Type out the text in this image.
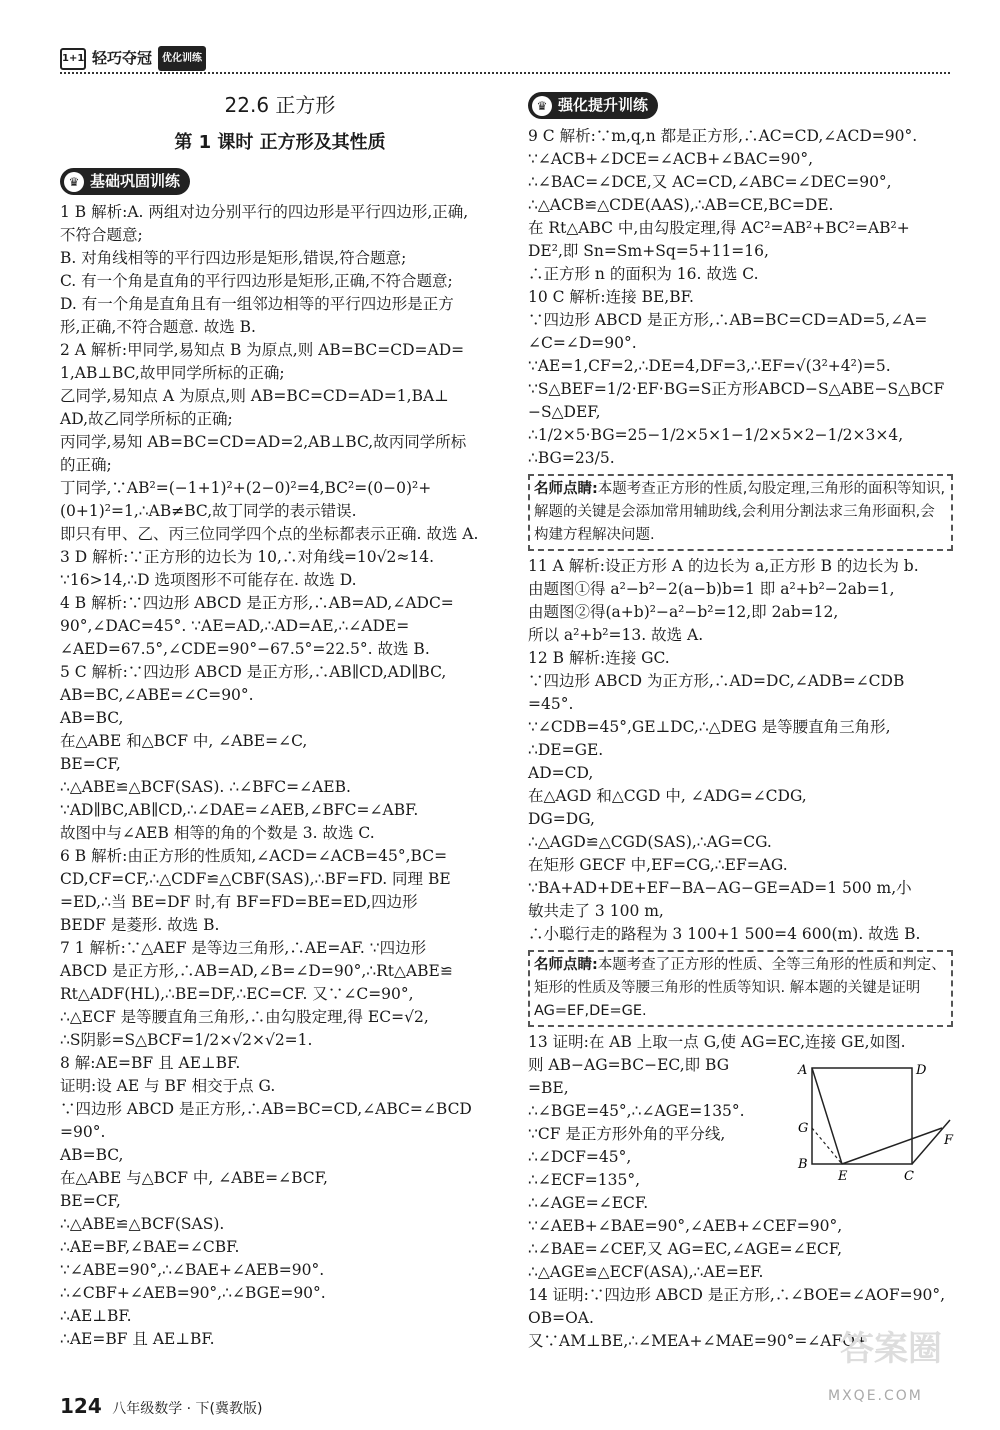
1+1 轻巧夺冠	优化训练
22.6 正方形
第 1 课时 正方形及其性质
♛ 基础巩固训练
1 B 解析:A. 两组对边分别平行的四边形是平行四边形,正确,
不符合题意;
B. 对角线相等的平行四边形是矩形,错误,符合题意;
C. 有一个角是直角的平行四边形是矩形,正确,不符合题意;
D. 有一个角是直角且有一组邻边相等的平行四边形是正方
形,正确,不符合题意. 故选 B.
2 A 解析:甲同学,易知点 B 为原点,则 AB=BC=CD=AD=
1,AB⊥BC,故甲同学所标的正确;
乙同学,易知点 A 为原点,则 AB=BC=CD=AD=1,BA⊥
AD,故乙同学所标的正确;
丙同学,易知 AB=BC=CD=AD=2,AB⊥BC,故丙同学所标
的正确;
丁同学,∵AB²=(−1+1)²+(2−0)²=4,BC²=(0−0)²+
(0+1)²=1,∴AB≠BC,故丁同学的表示错误.
即只有甲、乙、丙三位同学四个点的坐标都表示正确. 故选 A.
3 D 解析:∵正方形的边长为 10,∴对角线=10√2≈14.
∵16>14,∴D 选项图形不可能存在. 故选 D.
4 B 解析:∵四边形 ABCD 是正方形,∴AB=AD,∠ADC=
90°,∠DAC=45°. ∵AE=AD,∴AD=AE,∴∠ADE=
∠AED=67.5°,∠CDE=90°−67.5°=22.5°. 故选 B.
5 C 解析:∵四边形 ABCD 是正方形,∴AB∥CD,AD∥BC,
AB=BC,∠ABE=∠C=90°.
AB=BC,
在△ABE 和△BCF 中, ∠ABE=∠C,
BE=CF,
∴△ABE≌△BCF(SAS). ∴∠BFC=∠AEB.
∵AD∥BC,AB∥CD,∴∠DAE=∠AEB,∠BFC=∠ABF.
故图中与∠AEB 相等的角的个数是 3. 故选 C.
6 B 解析:由正方形的性质知,∠ACD=∠ACB=45°,BC=
CD,CF=CF,∴△CDF≌△CBF(SAS),∴BF=FD. 同理 BE
=ED,∴当 BE=DF 时,有 BF=FD=BE=ED,四边形
BEDF 是菱形. 故选 B.
7 1 解析:∵△AEF 是等边三角形,∴AE=AF. ∵四边形
ABCD 是正方形,∴AB=AD,∠B=∠D=90°,∴Rt△ABE≌
Rt△ADF(HL),∴BE=DF,∴EC=CF. 又∵∠C=90°,
∴△ECF 是等腰直角三角形,∴由勾股定理,得 EC=√2,
∴S阴影=S△BCF=1/2×√2×√2=1.
8 解:AE=BF 且 AE⊥BF.
证明:设 AE 与 BF 相交于点 G.
∵四边形 ABCD 是正方形,∴AB=BC=CD,∠ABC=∠BCD
=90°.
AB=BC,
在△ABE 与△BCF 中, ∠ABE=∠BCF,
BE=CF,
∴△ABE≌△BCF(SAS).
∴AE=BF,∠BAE=∠CBF.
∵∠ABE=90°,∴∠BAE+∠AEB=90°.
∴∠CBF+∠AEB=90°,∴∠BGE=90°.
∴AE⊥BF.
∴AE=BF 且 AE⊥BF.
♛ 强化提升训练
9 C 解析:∵m,q,n 都是正方形,∴AC=CD,∠ACD=90°.
∵∠ACB+∠DCE=∠ACB+∠BAC=90°,
∴∠BAC=∠DCE,又 AC=CD,∠ABC=∠DEC=90°,
∴△ACB≌△CDE(AAS),∴AB=CE,BC=DE.
在 Rt△ABC 中,由勾股定理,得 AC²=AB²+BC²=AB²+
DE²,即 Sn=Sm+Sq=5+11=16,
∴正方形 n 的面积为 16. 故选 C.
10 C 解析:连接 BE,BF.
∵四边形 ABCD 是正方形,∴AB=BC=CD=AD=5,∠A=
∠C=∠D=90°.
∵AE=1,CF=2,∴DE=4,DF=3,∴EF=√(3²+4²)=5.
∵S△BEF=1/2·EF·BG=S正方形ABCD−S△ABE−S△BCF
−S△DEF,
∴1/2×5·BG=25−1/2×5×1−1/2×5×2−1/2×3×4,
∴BG=23/5.
名师点睛:本题考查正方形的性质,勾股定理,三角形的面积等知识,解题的关键是会添加常用辅助线,会利用分割法求三角形面积,会构建方程解决问题.
11 A 解析:设正方形 A 的边长为 a,正方形 B 的边长为 b.
由题图①得 a²−b²−2(a−b)b=1 即 a²+b²−2ab=1,
由题图②得(a+b)²−a²−b²=12,即 2ab=12,
所以 a²+b²=13. 故选 A.
12 B 解析:连接 GC.
∵四边形 ABCD 为正方形,∴AD=DC,∠ADB=∠CDB
=45°.
∵∠CDB=45°,GE⊥DC,∴△DEG 是等腰直角三角形,
∴DE=GE.
AD=CD,
在△AGD 和△CGD 中, ∠ADG=∠CDG,
DG=DG,
∴△AGD≌△CGD(SAS),∴AG=CG.
在矩形 GECF 中,EF=CG,∴EF=AG.
∵BA+AD+DE+EF−BA−AG−GE=AD=1 500 m,小
敏共走了 3 100 m,
∴小聪行走的路程为 3 100+1 500=4 600(m). 故选 B.
名师点睛:本题考查了正方形的性质、全等三角形的性质和判定、矩形的性质及等腰三角形的性质等知识. 解本题的关键是证明 AG=EF,DE=GE.
13 证明:在 AB 上取一点 G,使 AG=EC,连接 GE,如图.
则 AB−AG=BC−EC,即 BG
=BE,
∴∠BGE=45°,∴∠AGE=135°.
∵CF 是正方形外角的平分线,
∴∠DCF=45°,
∴∠ECF=135°,
∴∠AGE=∠ECF.
∵∠AEB+∠BAE=90°,∠AEB+∠CEF=90°,
∴∠BAE=∠CEF,又 AG=EC,∠AGE=∠ECF,
∴△AGE≌△ECF(ASA),∴AE=EF.
14 证明:∵四边形 ABCD 是正方形,∴∠BOE=∠AOF=90°,
OB=OA.
又∵AM⊥BE,∴∠MEA+∠MAE=90°=∠AFO+
A	D
G
B
E	C
F
答案圈
MXQE.COM
124 八年级数学 · 下(冀教版)
